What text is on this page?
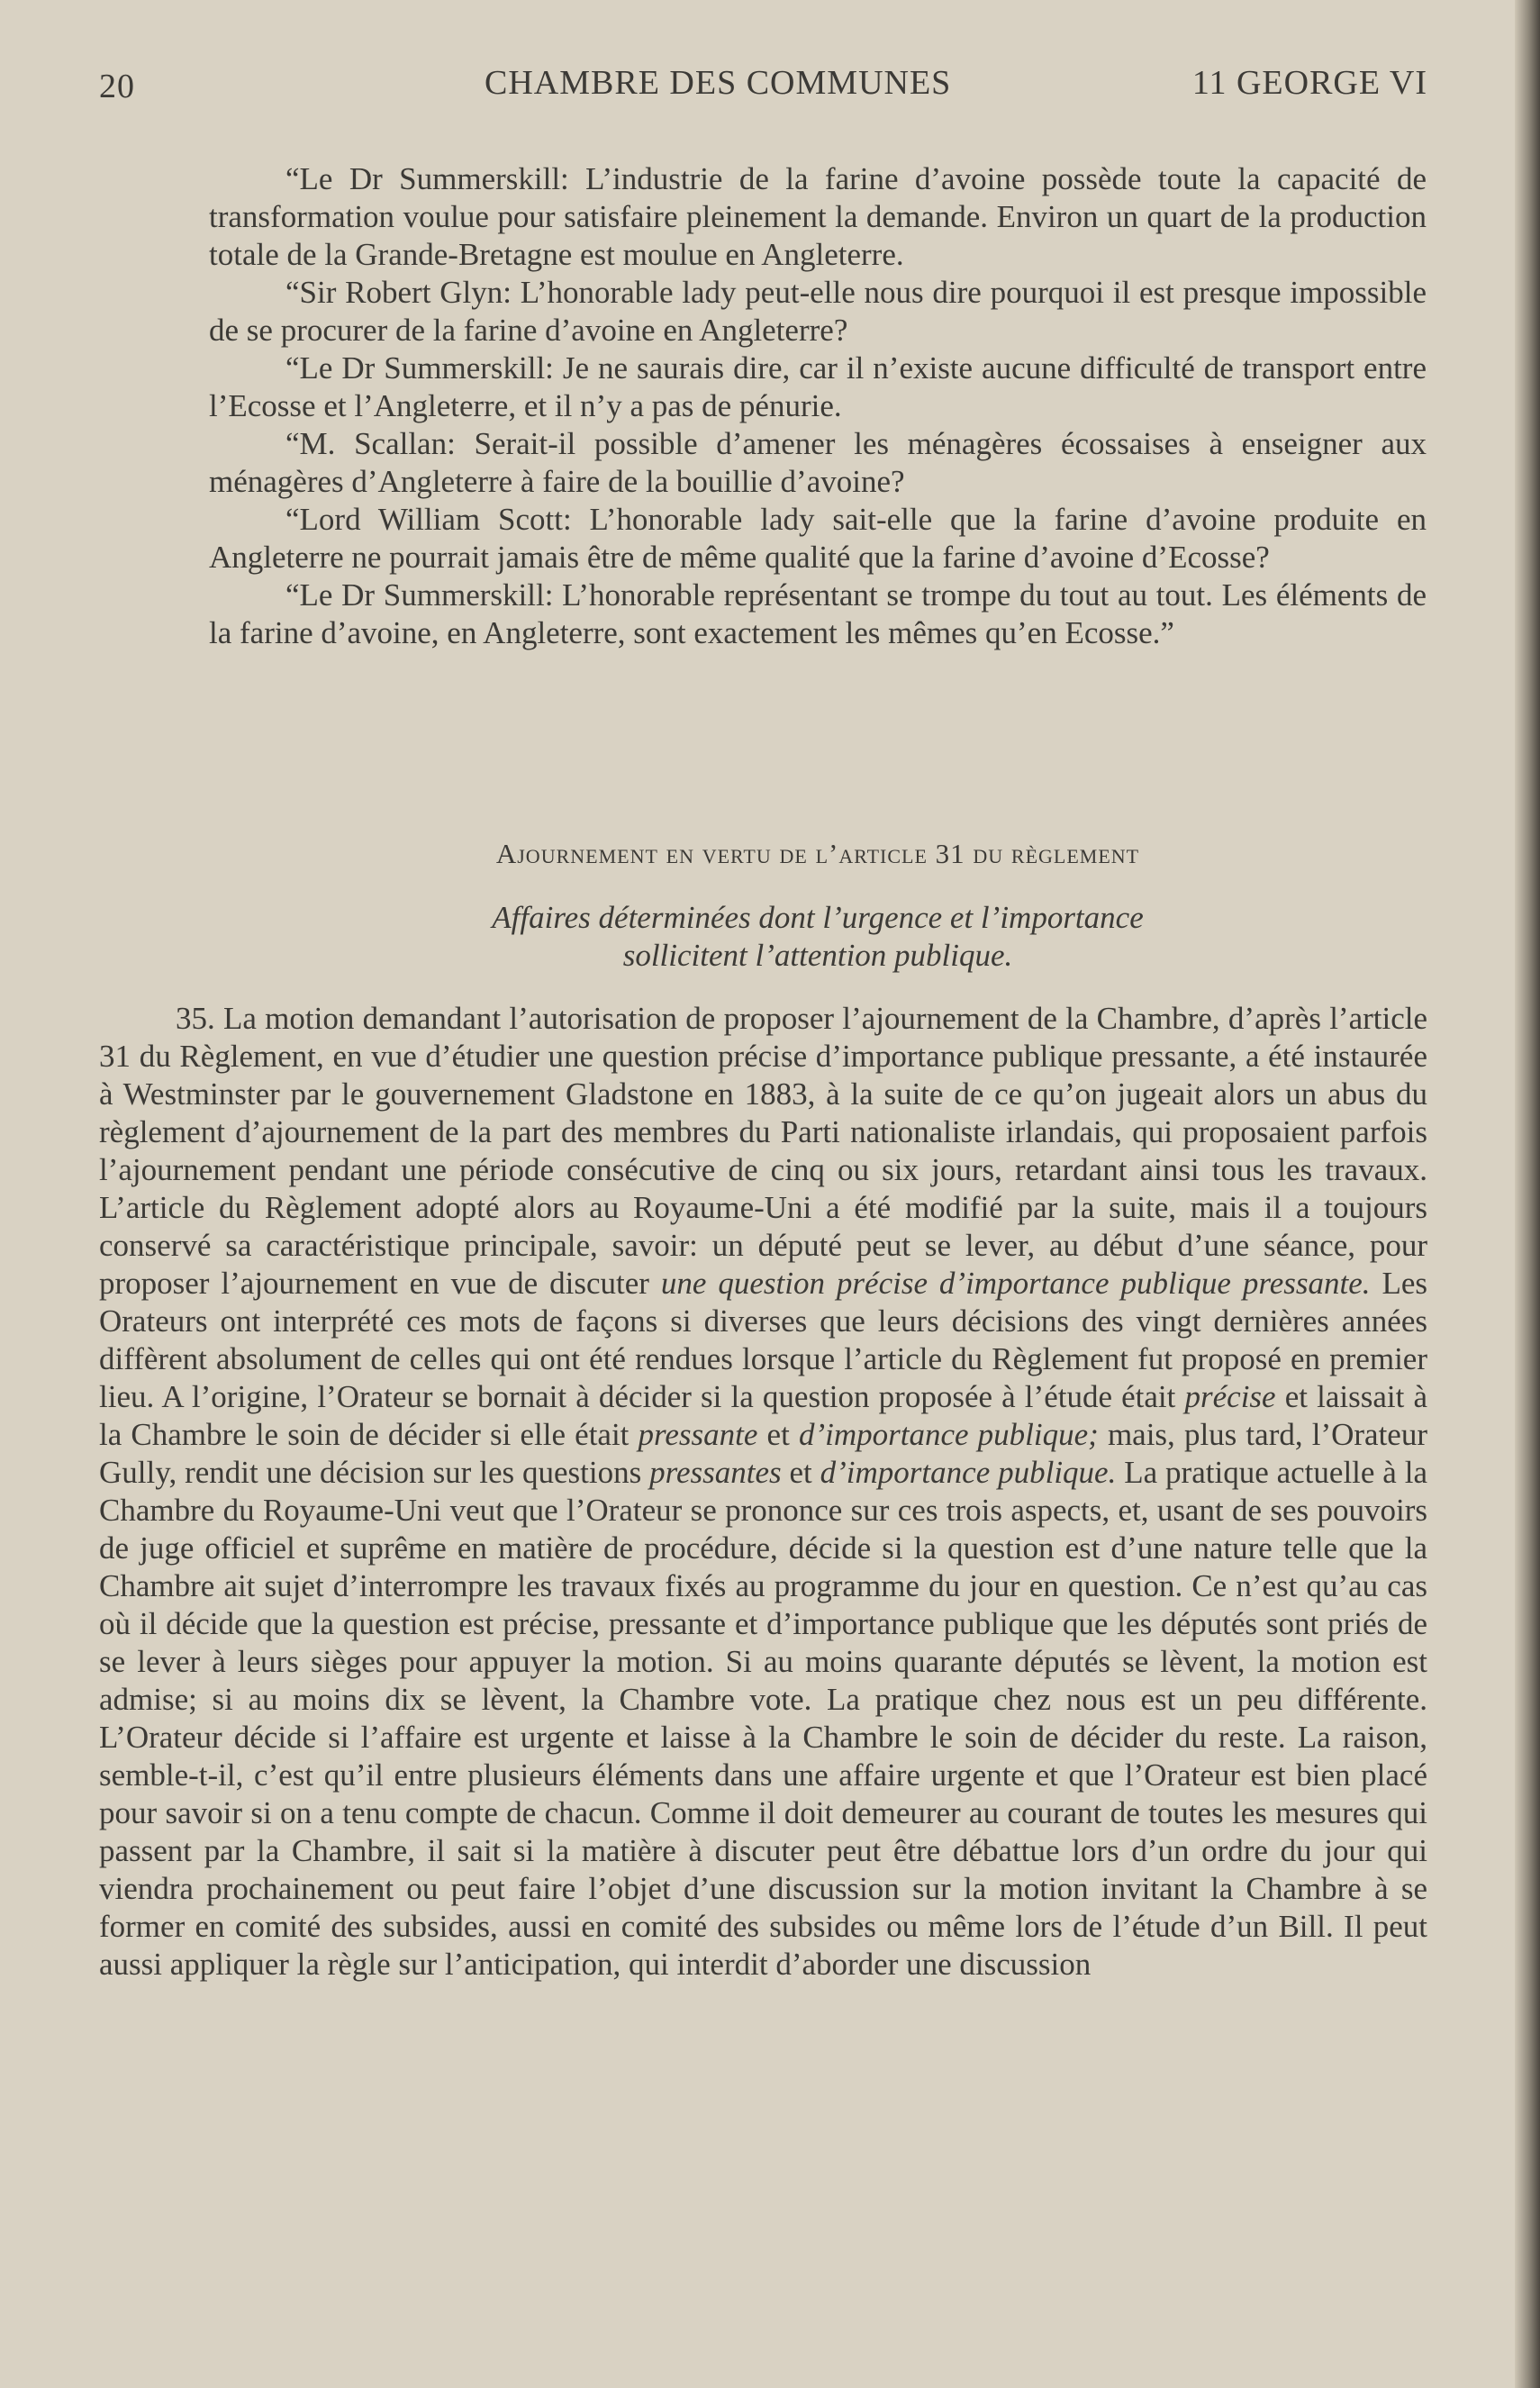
20	CHAMBRE DES COMMUNES	11 GEORGE VI

“Le Dr Summerskill: L’industrie de la farine d’avoine possède toute la capacité de transformation voulue pour satisfaire pleinement la demande. Environ un quart de la production totale de la Grande-Bretagne est moulue en Angleterre.

“Sir Robert Glyn: L’honorable lady peut-elle nous dire pourquoi il est presque impossible de se procurer de la farine d’avoine en Angleterre?

“Le Dr Summerskill: Je ne saurais dire, car il n’existe aucune difficulté de transport entre l’Ecosse et l’Angleterre, et il n’y a pas de pénurie.

“M. Scallan: Serait-il possible d’amener les ménagères écossaises à enseigner aux ménagères d’Angleterre à faire de la bouillie d’avoine?

“Lord William Scott: L’honorable lady sait-elle que la farine d’avoine produite en Angleterre ne pourrait jamais être de même qualité que la farine d’avoine d’Ecosse?

“Le Dr Summerskill: L’honorable représentant se trompe du tout au tout. Les éléments de la farine d’avoine, en Angleterre, sont exactement les mêmes qu’en Ecosse.”

Ajournement en vertu de l’article 31 du règlement
Affaires déterminées dont l’urgence et l’importance
sollicitent l’attention publique.

35. La motion demandant l’autorisation de proposer l’ajournement de la Chambre, d’après l’article 31 du Règlement, en vue d’étudier une question précise d’importance publique pressante, a été instaurée à Westminster par le gouvernement Gladstone en 1883, à la suite de ce qu’on jugeait alors un abus du règlement d’ajournement de la part des membres du Parti nationaliste irlandais, qui proposaient parfois l’ajournement pendant une période consécutive de cinq ou six jours, retardant ainsi tous les travaux. L’article du Règlement adopté alors au Royaume-Uni a été modifié par la suite, mais il a toujours conservé sa caractéristique principale, savoir: un député peut se lever, au début d’une séance, pour proposer l’ajournement en vue de discuter une question précise d’importance publique pressante. Les Orateurs ont interprété ces mots de façons si diverses que leurs décisions des vingt dernières années diffèrent absolument de celles qui ont été rendues lorsque l’article du Règlement fut proposé en premier lieu. A l’origine, l’Orateur se bornait à décider si la question proposée à l’étude était précise et laissait à la Chambre le soin de décider si elle était pressante et d’importance publique; mais, plus tard, l’Orateur Gully, rendit une décision sur les questions pressantes et d’importance publique. La pratique actuelle à la Chambre du Royaume-Uni veut que l’Orateur se prononce sur ces trois aspects, et, usant de ses pouvoirs de juge officiel et suprême en matière de procédure, décide si la question est d’une nature telle que la Chambre ait sujet d’interrompre les travaux fixés au programme du jour en question. Ce n’est qu’au cas où il décide que la question est précise, pressante et d’importance publique que les députés sont priés de se lever à leurs sièges pour appuyer la motion. Si au moins quarante députés se lèvent, la motion est admise; si au moins dix se lèvent, la Chambre vote. La pratique chez nous est un peu différente. L’Orateur décide si l’affaire est urgente et laisse à la Chambre le soin de décider du reste. La raison, semble-t-il, c’est qu’il entre plusieurs éléments dans une affaire urgente et que l’Orateur est bien placé pour savoir si on a tenu compte de chacun. Comme il doit demeurer au courant de toutes les mesures qui passent par la Chambre, il sait si la matière à discuter peut être débattue lors d’un ordre du jour qui viendra prochainement ou peut faire l’objet d’une discussion sur la motion invitant la Chambre à se former en comité des subsides, aussi en comité des subsides ou même lors de l’étude d’un Bill. Il peut aussi appliquer la règle sur l’anticipation, qui interdit d’aborder une discussion
